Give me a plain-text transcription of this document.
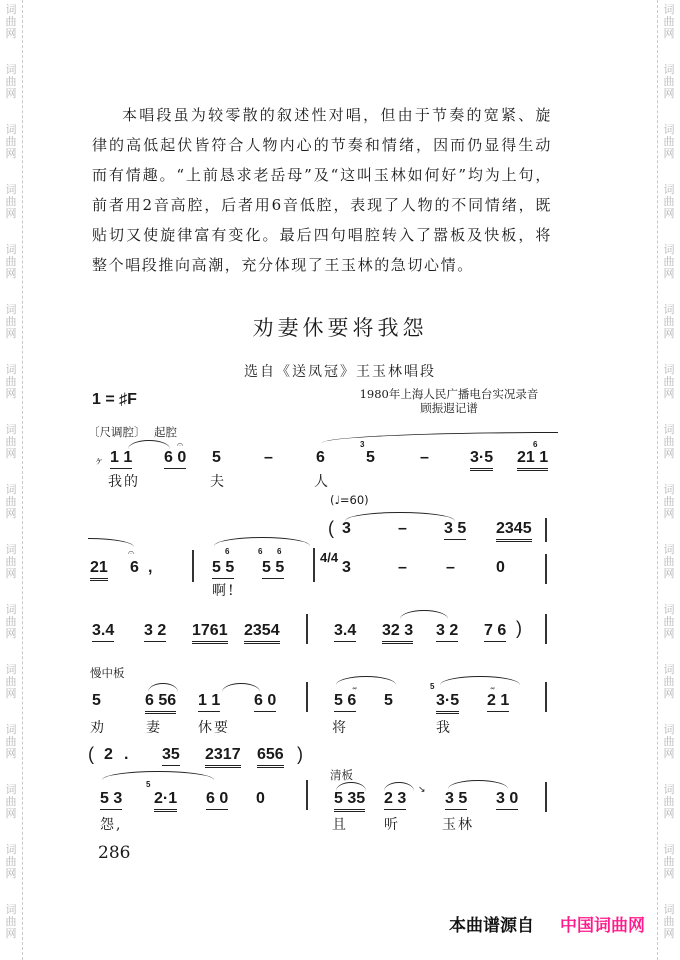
词
曲
网
词
曲
网
词
曲
网
词
曲
网
词
曲
网
词
曲
网
词
曲
网
词
曲
网
词
曲
网
词
曲
网
词
曲
网
词
曲
网
词
曲
网
词
曲
网
词
曲
网
词
曲
网
词
曲
网
词
曲
网
词
曲
网
词
曲
网
词
曲
网
词
曲
网
词
曲
网
词
曲
网
词
曲
网
词
曲
网
词
曲
网
词
曲
网
词
曲
网
词
曲
网
词
曲
网
词
曲
网

本唱段虽为较零散的叙述性对唱，但由于节奏的宽紧、旋律的高低起伏皆符合人物内心的节奏和情绪，因而仍显得生动而有情趣。“上前恳求老岳母”及“这叫玉林如何好”均为上句，前者用2音高腔，后者用6音低腔，表现了人物的不同情绪，既贴切又使旋律富有变化。最后四句唱腔转入了嚣板及快板，将整个唱段推向高潮，充分体现了王玉林的急切心情。

劝妻休要将我怨
选自《送凤冠》王玉林唱段
1 = ♯F	1980年上海人民广播电台实况录音
顾振遐记谱
〔尺调腔〕 起腔
𝄐
ヶ 1 1 6 0 5	–	6
3
5	–	3·5
6
21 1
我的	夫	人
(♩=60)
( 3	– 3 5 2345
𝄐
21 6 ,
6
5 5
6 6
5 5
4/4
3	– –	0
啊!
3.4 3 2 1761 2354	3.4 32 3 3 2 7 6 )
慢中板
5	6 56 1 1 6 0
𝆗
5 6 5
5
3·5
𝆗
2 1
劝	妻	休要	将	我
( 2 . 35 2317 656 )
清板
5
5 3 2·1 6 0 0	5 35 2 3 ↘ 3 5 3 0
怨,	且	听	玉林
286
本曲谱源自 中国词曲网
